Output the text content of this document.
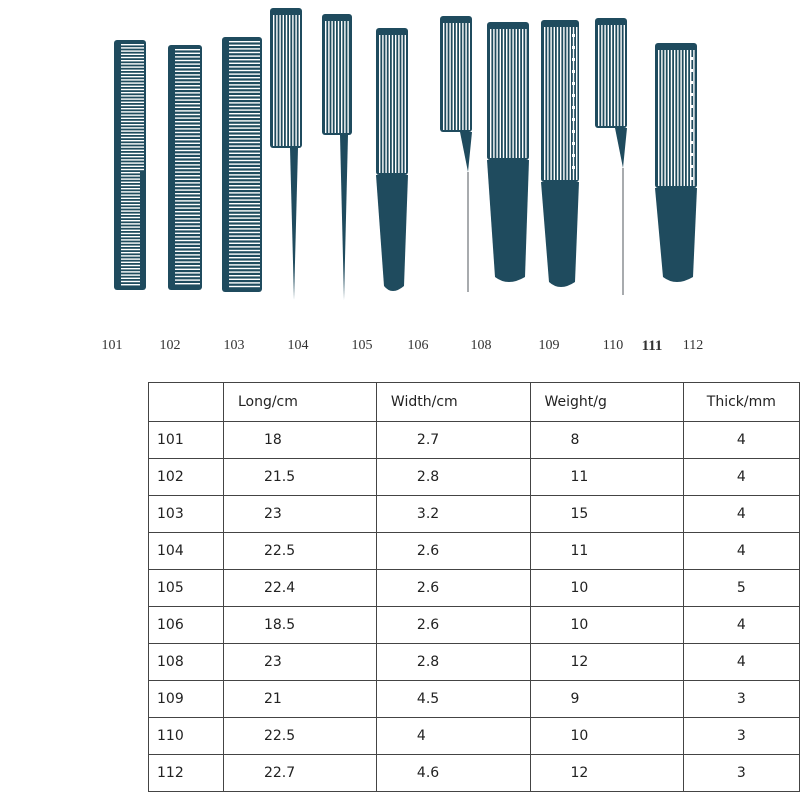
101	102	103	104	105	106	108	109	110 111 112
	Long/cm	Width/cm	Weight/g	Thick/mm
101	18	2.7	8	4
102	21.5	2.8	11	4
103	23	3.2	15	4
104	22.5	2.6	11	4
105	22.4	2.6	10	5
106	18.5	2.6	10	4
108	23	2.8	12	4
109	21	4.5	9	3
110	22.5	4	10	3
112	22.7	4.6	12	3
